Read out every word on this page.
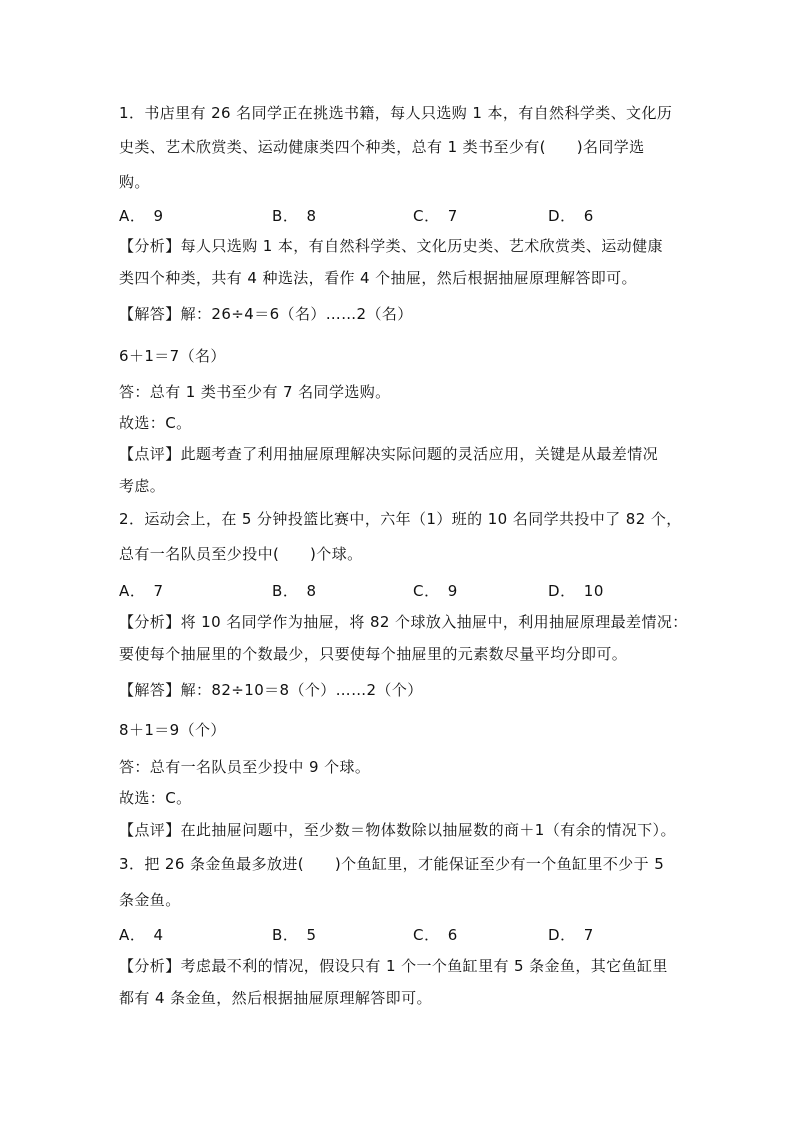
1．书店里有 26 名同学正在挑选书籍，每人只选购 1 本，有自然科学类、文化历

史类、艺术欣赏类、运动健康类四个种类，总有 1 类书至少有(　　)名同学选

购。

A． 9	B． 8	C． 7	D． 6

【分析】每人只选购 1 本，有自然科学类、文化历史类、艺术欣赏类、运动健康

类四个种类，共有 4 种选法，看作 4 个抽屉，然后根据抽屉原理解答即可。

【解答】解：26÷4＝6（名）……2（名）

6＋1＝7（名）

答：总有 1 类书至少有 7 名同学选购。

故选：C。

【点评】此题考查了利用抽屉原理解决实际问题的灵活应用，关键是从最差情况

考虑。

2．运动会上，在 5 分钟投篮比赛中，六年（1）班的 10 名同学共投中了 82 个，

总有一名队员至少投中(　　)个球。

A． 7	B． 8	C． 9	D． 10

【分析】将 10 名同学作为抽屉，将 82 个球放入抽屉中，利用抽屉原理最差情况：

要使每个抽屉里的个数最少，只要使每个抽屉里的元素数尽量平均分即可。

【解答】解：82÷10＝8（个）……2（个）

8＋1＝9（个）

答：总有一名队员至少投中 9 个球。

故选：C。

【点评】在此抽屉问题中，至少数＝物体数除以抽屉数的商＋1（有余的情况下）。

3．把 26 条金鱼最多放进(　　)个鱼缸里，才能保证至少有一个鱼缸里不少于 5

条金鱼。

A． 4	B． 5	C． 6	D． 7

【分析】考虑最不利的情况，假设只有 1 个一个鱼缸里有 5 条金鱼，其它鱼缸里

都有 4 条金鱼，然后根据抽屉原理解答即可。
